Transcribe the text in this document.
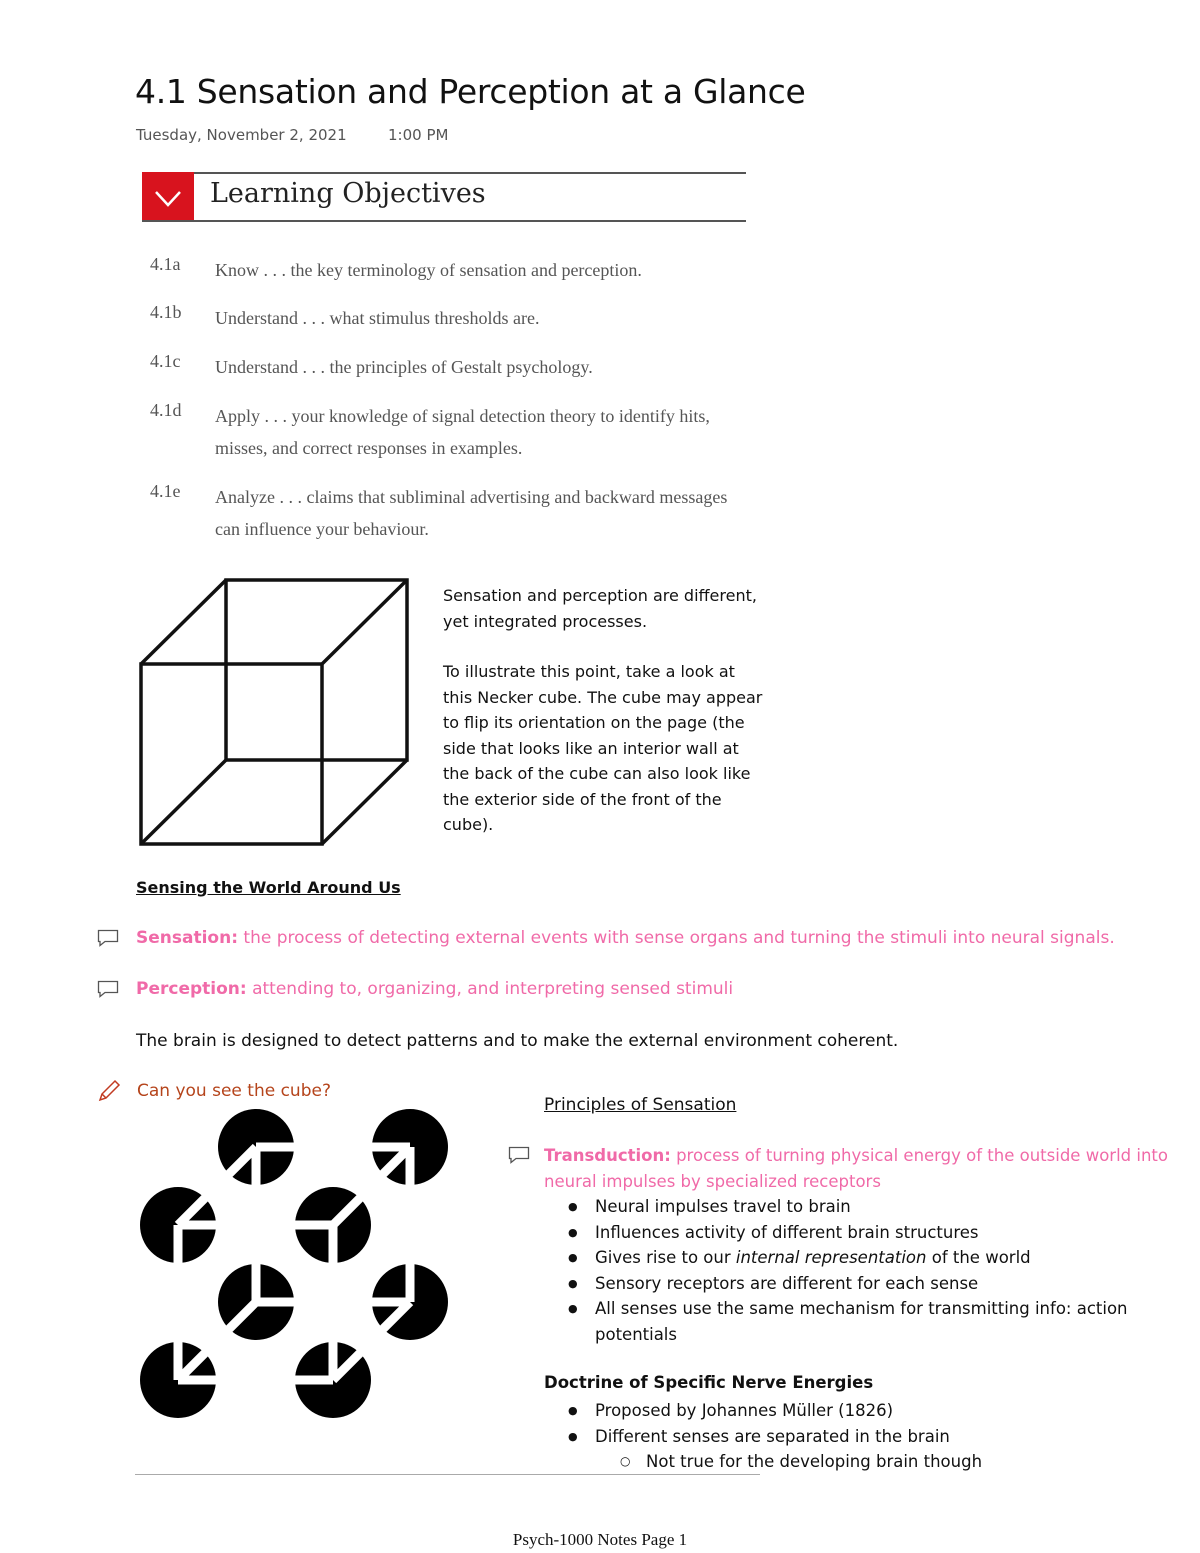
4.1 Sensation and Perception at a Glance
Tuesday, November 2, 2021	1:00 PM
Learning Objectives
4.1a	Know . . . the key terminology of sensation and perception.
4.1b	Understand . . . what stimulus thresholds are.
4.1c	Understand . . . the principles of Gestalt psychology.
4.1d	Apply . . . your knowledge of signal detection theory to identify hits, misses, and correct responses in examples.
4.1e	Analyze . . . claims that subliminal advertising and backward messages can influence your behaviour.
Sensation and perception are different, yet integrated processes.
To illustrate this point, take a look at this Necker cube. The cube may appear to flip its orientation on the page (the side that looks like an interior wall at the back of the cube can also look like the exterior side of the front of the cube).
Sensing the World Around Us
Sensation: the process of detecting external events with sense organs and turning the stimuli into neural signals.
Perception: attending to, organizing, and interpreting sensed stimuli
The brain is designed to detect patterns and to make the external environment coherent.
Can you see the cube?
Principles of Sensation
Transduction: process of turning physical energy of the outside world into neural impulses by specialized receptors
● Neural impulses travel to brain
● Influences activity of different brain structures
● Gives rise to our internal representation of the world
● Sensory receptors are different for each sense
● All senses use the same mechanism for transmitting info: action potentials
Doctrine of Specific Nerve Energies
● Proposed by Johannes Müller (1826)
● Different senses are separated in the brain
○ Not true for the developing brain though
Psych-1000 Notes Page 1
